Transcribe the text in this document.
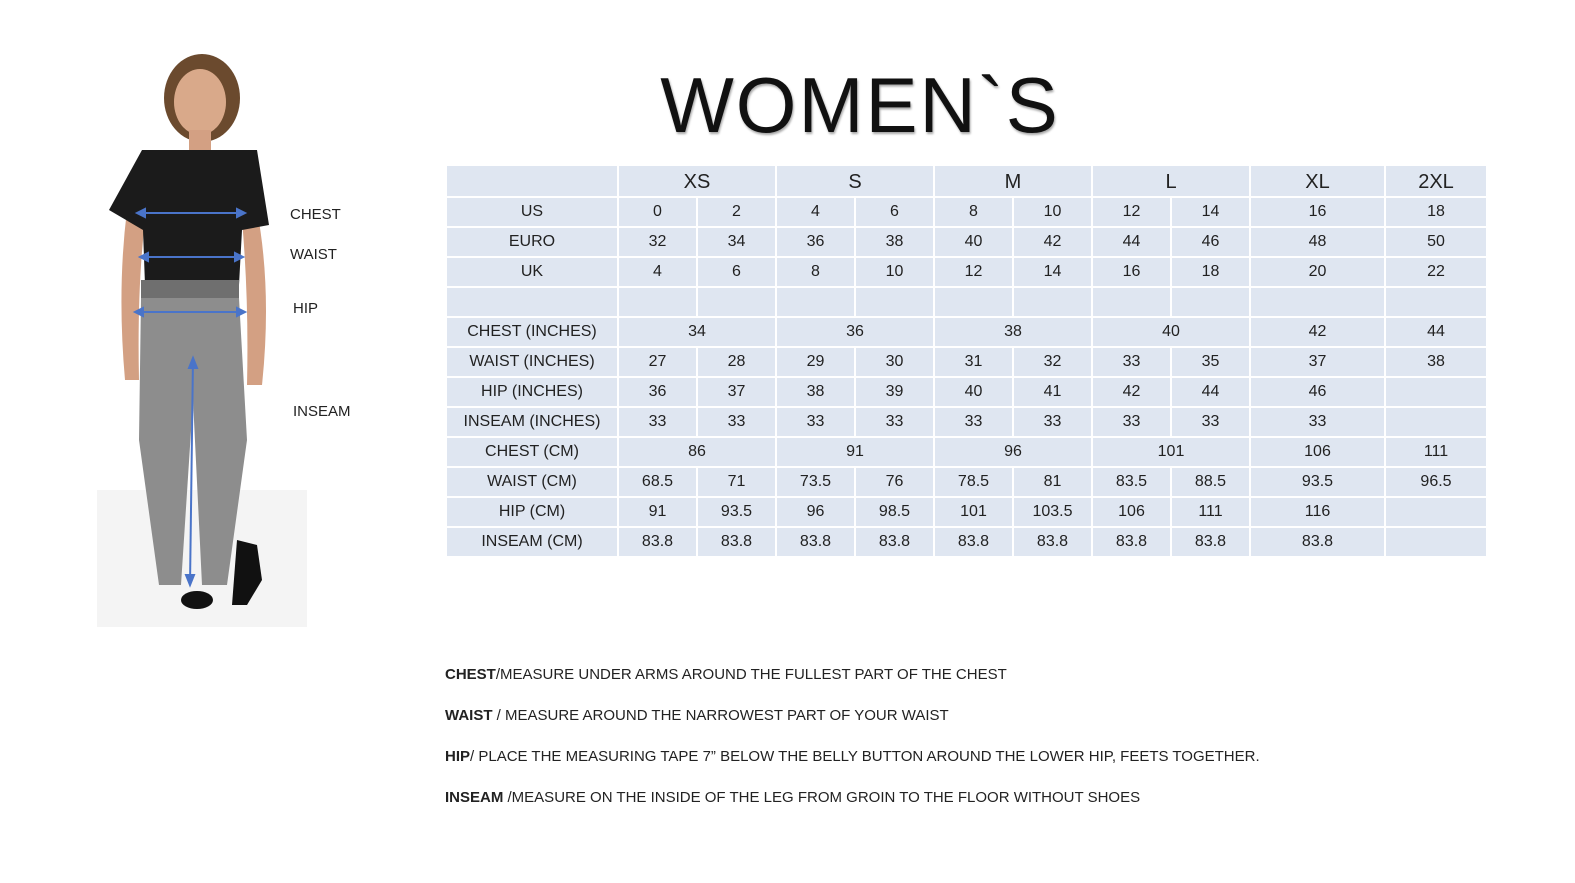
WOMEN`S
CHEST
WAIST
HIP
INSEAM
	XS		S		M		L		XL	2XL
US	0	2	4	6	8	10	12	14	16	18
EURO	32	34	36	38	40	42	44	46	48	50
UK	4	6	8	10	12	14	16	18	20	22

CHEST (INCHES)	34		36		38		40		42	44
WAIST (INCHES)	27	28	29	30	31	32	33	35	37	38
HIP (INCHES)	36	37	38	39	40	41	42	44	46	
INSEAM (INCHES)	33	33	33	33	33	33	33	33	33	
CHEST (CM)	86		91		96		101		106	111
WAIST (CM)	68.5	71	73.5	76	78.5	81	83.5	88.5	93.5	96.5
HIP (CM)	91	93.5	96	98.5	101	103.5	106	111	116	
INSEAM (CM)	83.8	83.8	83.8	83.8	83.8	83.8	83.8	83.8	83.8	

CHEST/MEASURE UNDER ARMS AROUND THE FULLEST PART OF THE CHEST

WAIST / MEASURE AROUND THE NARROWEST PART OF YOUR WAIST

HIP/ PLACE THE MEASURING TAPE 7” BELOW THE BELLY BUTTON AROUND THE LOWER HIP, FEETS TOGETHER.

INSEAM /MEASURE ON THE INSIDE OF THE LEG FROM GROIN TO THE FLOOR WITHOUT SHOES
